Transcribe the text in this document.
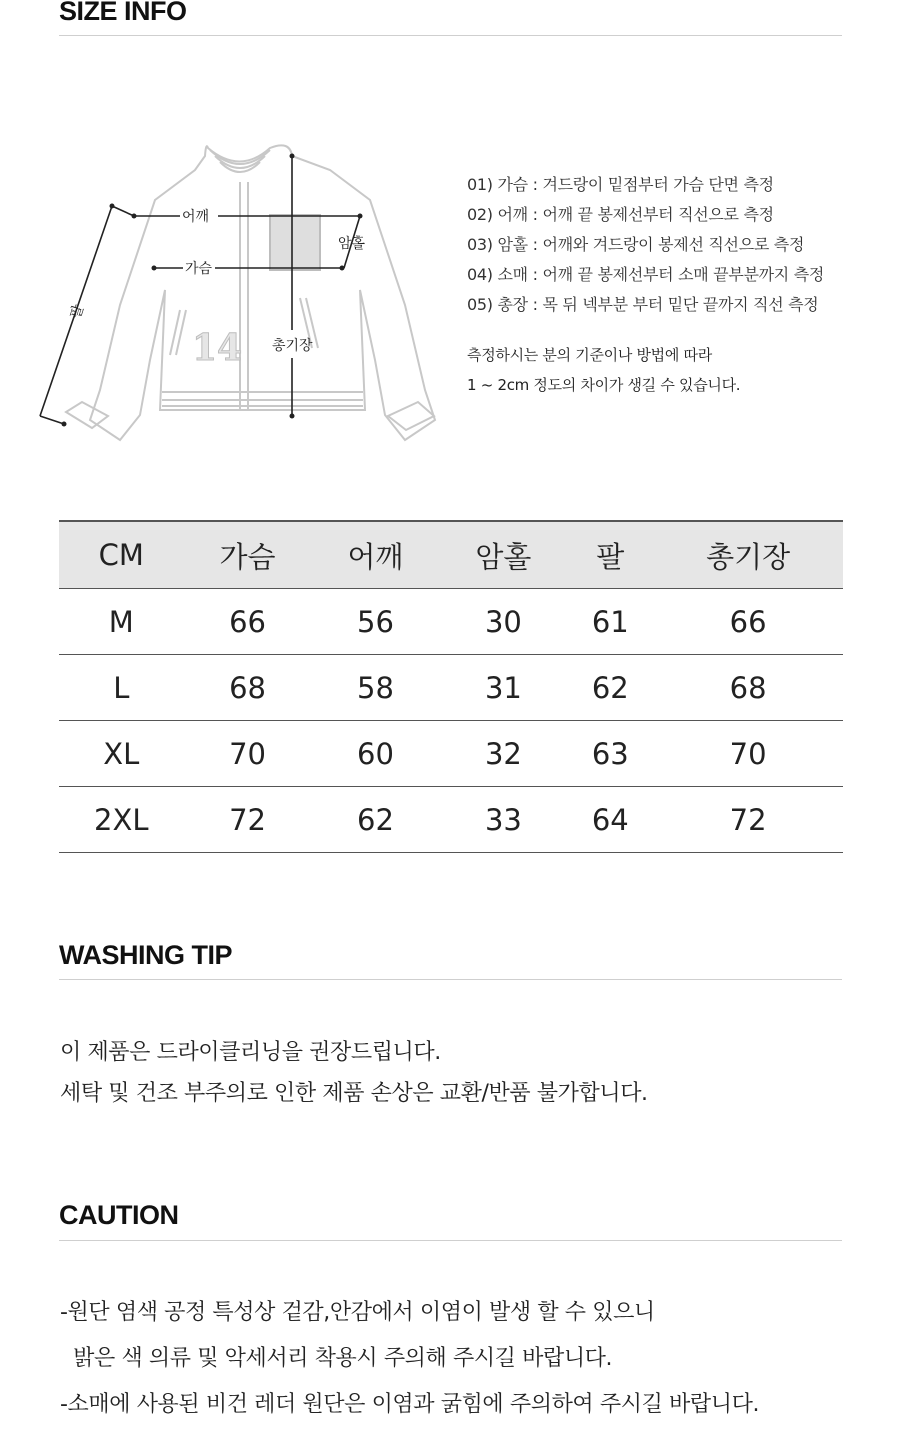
SIZE INFO
14
어깨
가슴
암홀
총기장
팔
01) 가슴 : 겨드랑이 밑점부터 가슴 단면 측정
02) 어깨 : 어깨 끝 봉제선부터 직선으로 측정
03) 암홀 : 어깨와 겨드랑이 봉제선 직선으로 측정
04) 소매 : 어깨 끝 봉제선부터 소매 끝부분까지 측정
05) 총장 : 목 뒤 넥부분 부터 밑단 끝까지 직선 측정
측정하시는 분의 기준이나 방법에 따라
1 ~ 2cm 정도의 차이가 생길 수 있습니다.
CM	가슴	어깨	암홀	팔	총기장
M	66	56	30	61	66
L	68	58	31	62	68
XL	70	60	32	63	70
2XL	72	62	33	64	72
WASHING TIP
이 제품은 드라이클리닝을 권장드립니다.
세탁 및 건조 부주의로 인한 제품 손상은 교환/반품 불가합니다.
CAUTION
-원단 염색 공정 특성상 겉감,안감에서 이염이 발생 할 수 있으니
밝은 색 의류 및 악세서리 착용시 주의해 주시길 바랍니다.
-소매에 사용된 비건 레더 원단은 이염과 굵힘에 주의하여 주시길 바랍니다.
